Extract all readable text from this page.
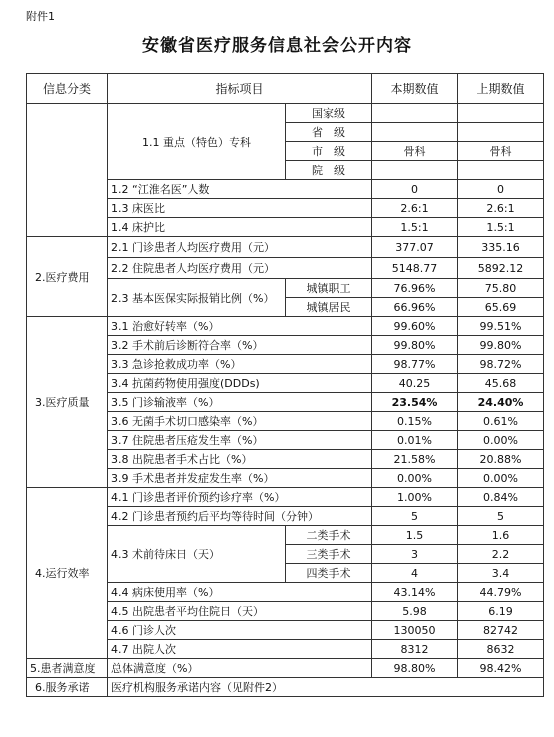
附件1
安徽省医疗服务信息社会公开内容
信息分类	指标项目		本期数值	上期数值
	1.1 重点（特色）专科	国家级		
		省　级		
		市　级	骨科	骨科
		院　级		
	1.2 “江淮名医”人数		0	0
	1.3 床医比		2.6:1	2.6:1
	1.4 床护比		1.5:1	1.5:1
2.医疗费用	2.1 门诊患者人均医疗费用（元）		377.07	335.16
	2.2 住院患者人均医疗费用（元）		5148.77	5892.12
	2.3 基本医保实际报销比例（%）	城镇职工	76.96%	75.80
		城镇居民	66.96%	65.69
3.医疗质量	3.1 治愈好转率（%）		99.60%	99.51%
	3.2 手术前后诊断符合率（%）		99.80%	99.80%
	3.3 急诊抢救成功率（%）		98.77%	98.72%
	3.4 抗菌药物使用强度(DDDs)		40.25	45.68
	3.5 门诊输液率（%）		23.54%	24.40%
	3.6 无菌手术切口感染率（%）		0.15%	0.61%
	3.7 住院患者压疮发生率（%）		0.01%	0.00%
	3.8 出院患者手术占比（%）		21.58%	20.88%
	3.9 手术患者并发症发生率（%）		0.00%	0.00%
4.运行效率	4.1 门诊患者评价预约诊疗率（%）		1.00%	0.84%
	4.2 门诊患者预约后平均等待时间（分钟）		5	5
	4.3 术前待床日（天）	二类手术	1.5	1.6
		三类手术	3	2.2
		四类手术	4	3.4
	4.4 病床使用率（%）		43.14%	44.79%
	4.5 出院患者平均住院日（天）		5.98	6.19
	4.6 门诊人次		130050	82742
	4.7 出院人次		8312	8632
5.患者满意度	总体满意度（%）		98.80%	98.42%
6.服务承诺	医疗机构服务承诺内容（见附件2）			
